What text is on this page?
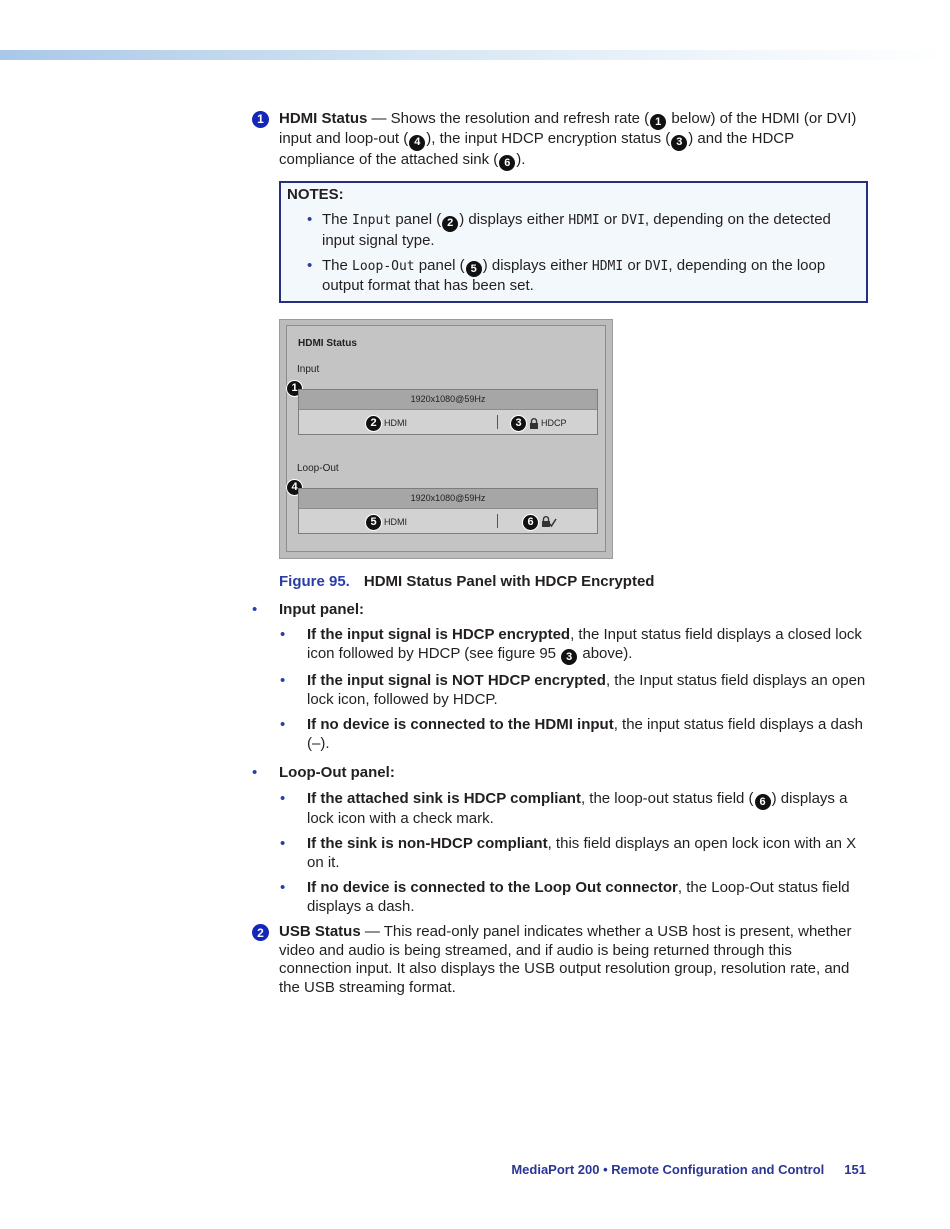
1	HDMI Status — Shows the resolution and refresh rate ( 1 below) of the HDMI (or DVI) input and loop-out ( 4 ), the input HDCP encryption status ( 3 ) and the HDCP compliance of the attached sink ( 6 ).

NOTES:
• The Input panel ( 2 ) displays either HDMI or DVI, depending on the detected input signal type.
• The Loop-Out panel ( 5 ) displays either HDMI or DVI, depending on the loop output format that has been set.
HDMI Status
Input
1
1920x1080@59Hz
2 HDMI	3	HDCP
Loop-Out
4
1920x1080@59Hz
5 HDMI	6
Figure 95. HDMI Status Panel with HDCP Encrypted
• Input panel:
• If the input signal is HDCP encrypted, the Input status field displays a closed lock icon followed by HDCP (see figure 95 3 above).
• If the input signal is NOT HDCP encrypted, the Input status field displays an open lock icon, followed by HDCP.
• If no device is connected to the HDMI input, the input status field displays a dash (–).
• Loop-Out panel:
• If the attached sink is HDCP compliant, the loop-out status field ( 6 ) displays a lock icon with a check mark.
• If the sink is non-HDCP compliant, this field displays an open lock icon with an X on it.
• If no device is connected to the Loop Out connector, the Loop-Out status field displays a dash.
2	USB Status — This read-only panel indicates whether a USB host is present, whether video and audio is being streamed, and if audio is being returned through this connection input. It also displays the USB output resolution group, resolution rate, and the USB streaming format.

MediaPort 200 • Remote Configuration and Control 151
